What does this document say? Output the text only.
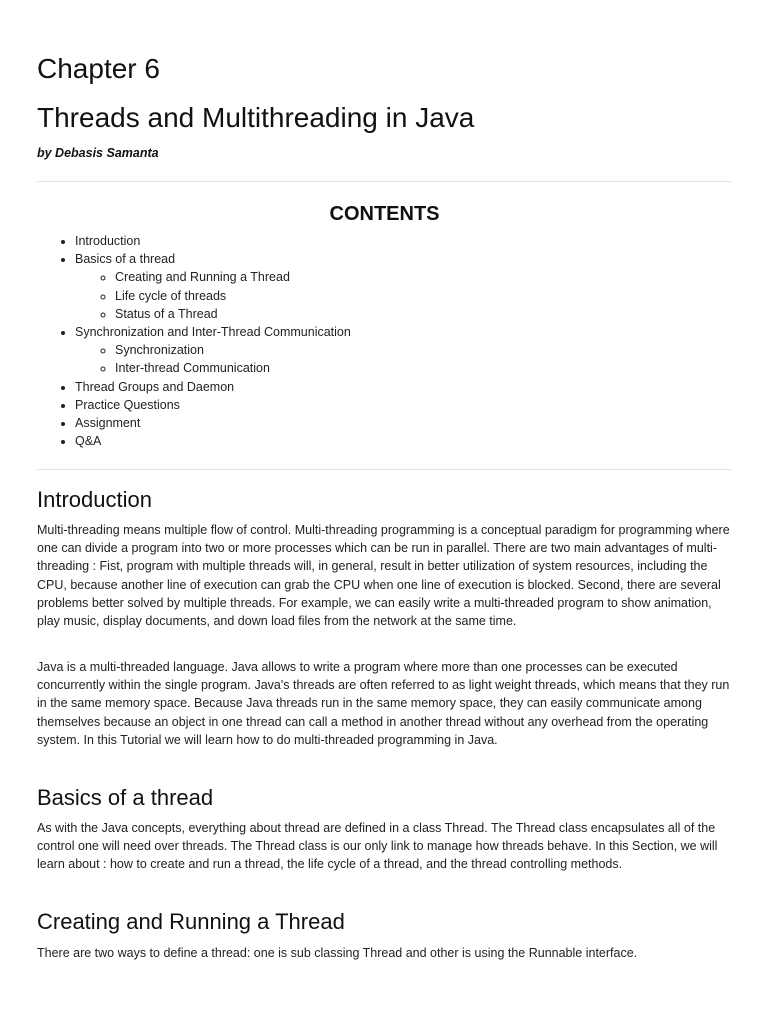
Chapter 6
Threads and Multithreading in Java
by Debasis Samanta
CONTENTS
• Introduction
• Basics of a thread
◦ Creating and Running a Thread
◦ Life cycle of threads
◦ Status of a Thread
• Synchronization and Inter-Thread Communication
◦ Synchronization
◦ Inter-thread Communication
• Thread Groups and Daemon
• Practice Questions
• Assignment
• Q&A
Introduction

Multi-threading means multiple flow of control. Multi-threading programming is a conceptual paradigm for programming where one can divide a program into two or more processes which can be run in parallel. There are two main advantages of multi-threading : Fist, program with multiple threads will, in general, result in better utilization of system resources, including the CPU, because another line of execution can grab the CPU when one line of execution is blocked. Second, there are several problems better solved by multiple threads. For example, we can easily write a multi-threaded program to show animation, play music, display documents, and down load files from the network at the same time.

Java is a multi-threaded language. Java allows to write a program where more than one processes can be executed concurrently within the single program. Java's threads are often referred to as light weight threads, which means that they run in the same memory space. Because Java threads run in the same memory space, they can easily communicate among themselves because an object in one thread can call a method in another thread without any overhead from the operating system. In this Tutorial we will learn how to do multi-threaded programming in Java.

Basics of a thread

As with the Java concepts, everything about thread are defined in a class Thread. The Thread class encapsulates all of the control one will need over threads. The Thread class is our only link to manage how threads behave. In this Section, we will learn about : how to create and run a thread, the life cycle of a thread, and the thread controlling methods.

Creating and Running a Thread

There are two ways to define a thread: one is sub classing Thread and other is using the Runnable interface.
